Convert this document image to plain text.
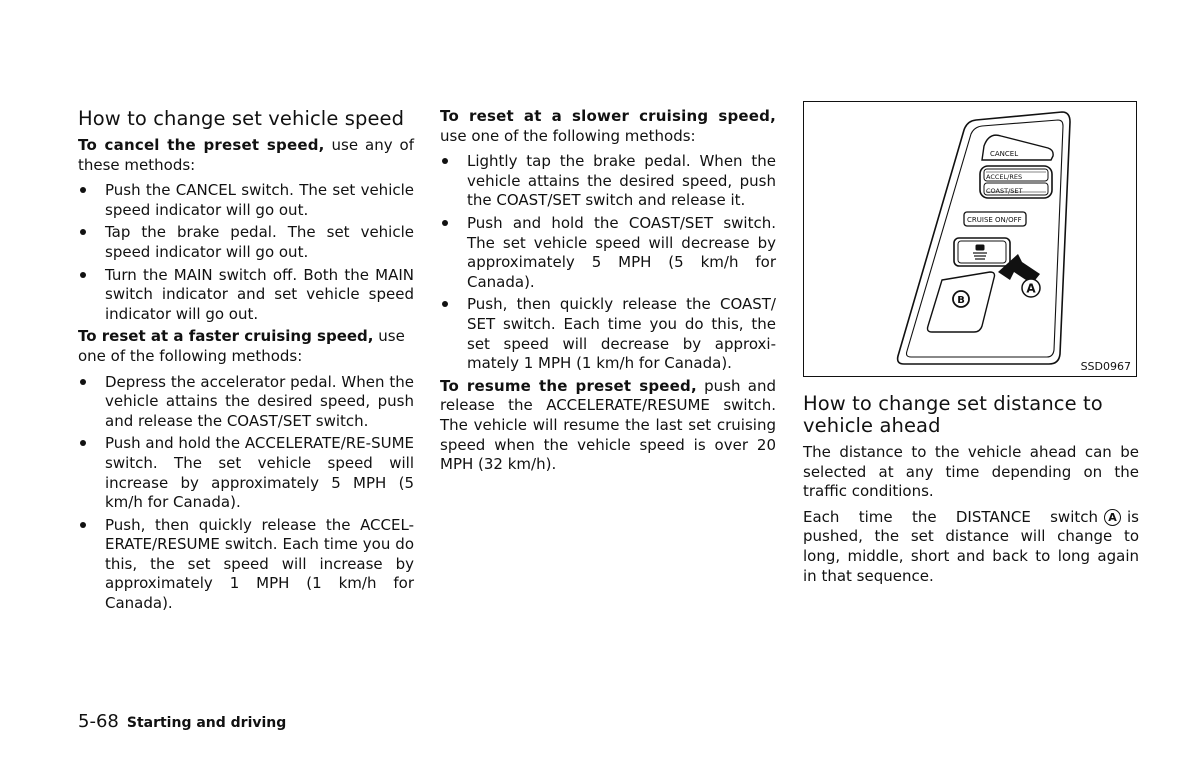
How to change set vehicle speed

To cancel the preset speed, use any of these methods:

Push the CANCEL switch. The set vehicle speed indicator will go out.
Tap the brake pedal. The set vehicle speed indicator will go out.
Turn the MAIN switch off. Both the MAIN switch indicator and set vehicle speed indicator will go out.

To reset at a faster cruising speed, use one of the following methods:

Depress the accelerator pedal. When the vehicle attains the desired speed, push and release the COAST/SET switch.
Push and hold the ACCELERATE/RE-SUME switch. The set vehicle speed will increase by approximately 5 MPH (5 km/h for Canada).
Push, then quickly release the ACCEL-ERATE/RESUME switch. Each time you do this, the set speed will increase by approximately 1 MPH (1 km/h for Canada).

To reset at a slower cruising speed, use one of the following methods:

Lightly tap the brake pedal. When the vehicle attains the desired speed, push the COAST/SET switch and release it.
Push and hold the COAST/SET switch. The set vehicle speed will decrease by approximately 5 MPH (5 km/h for Canada).
Push, then quickly release the COAST/ SET switch. Each time you do this, the set speed will decrease by approxi-mately 1 MPH (1 km/h for Canada).

To resume the preset speed, push and release the ACCELERATE/RESUME switch. The vehicle will resume the last set cruising speed when the vehicle speed is over 20 MPH (32 km/h).

CANCEL
ACCEL/RES
COAST/SET
CRUISE ON/OFF
B
A
SSD0967
How to change set distance to vehicle ahead

The distance to the vehicle ahead can be selected at any time depending on the traffic conditions.

Each time the DISTANCE switch A is pushed, the set distance will change to long, middle, short and back to long again in that sequence.

5-68 Starting and driving
